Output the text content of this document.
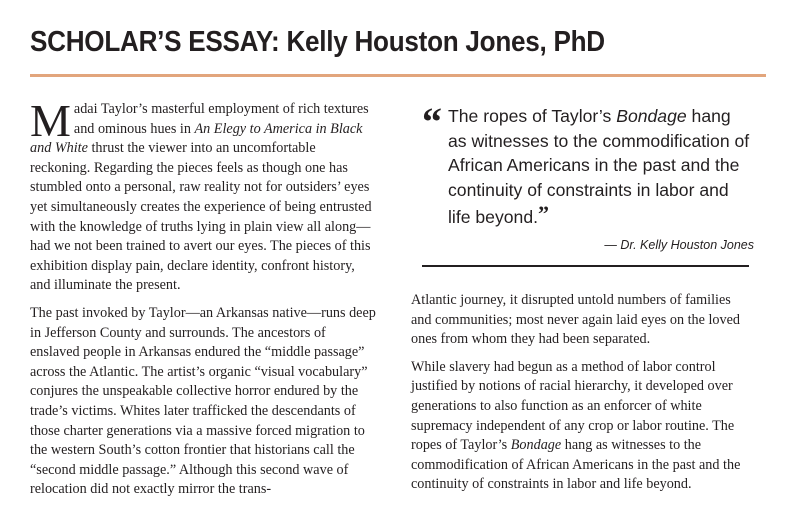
SCHOLAR’S ESSAY: Kelly Houston Jones, PhD

Madai Taylor’s masterful employment of rich textures and ominous hues in An Elegy to America in Black and White thrust the viewer into an uncomfortable reckoning. Regarding the pieces feels as though one has stumbled onto a personal, raw reality not for outsiders’ eyes yet simultaneously creates the experience of being entrusted with the knowledge of truths lying in plain view all along—had we not been trained to avert our eyes. The pieces of this exhibition display pain, declare identity, confront history, and illuminate the present.

The past invoked by Taylor—an Arkansas native—runs deep in Jefferson County and surrounds. The ancestors of enslaved people in Arkansas endured the “middle passage” across the Atlantic. The artist’s organic “visual vocabulary” conjures the unspeakable collective horror endured by the trade’s victims. Whites later trafficked the descendants of those charter generations via a massive forced migration to the western South’s cotton frontier that historians call the “second middle passage.” Although this second wave of relocation did not exactly mirror the trans-

“ The ropes of Taylor’s Bondage hang as witnesses to the commodification of African Americans in the past and the continuity of constraints in labor and life beyond.”
— Dr. Kelly Houston Jones

Atlantic journey, it disrupted untold numbers of families and communities; most never again laid eyes on the loved ones from whom they had been separated.

While slavery had begun as a method of labor control justified by notions of racial hierarchy, it developed over generations to also function as an enforcer of white supremacy independent of any crop or labor routine. The ropes of Taylor’s Bondage hang as witnesses to the commodification of African Americans in the past and the continuity of constraints in labor and life beyond.
